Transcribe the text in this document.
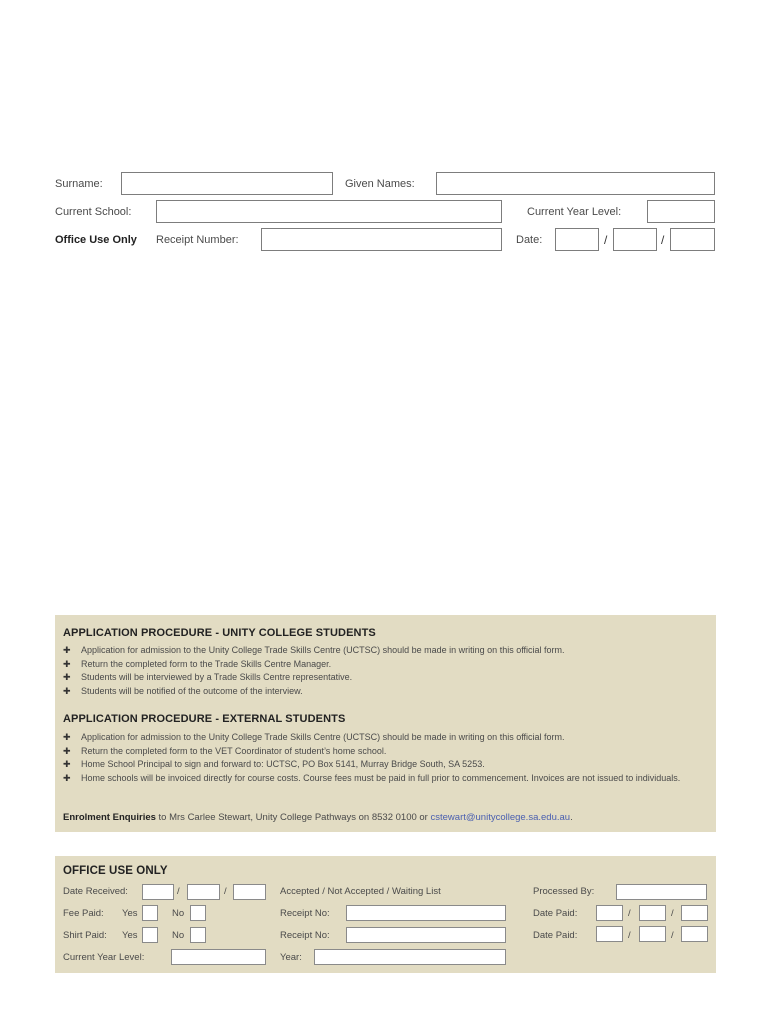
Surname:	Given Names:
Current School:	Current Year Level:
Office Use Only Receipt Number:	Date:	/	/
APPLICATION PROCEDURE - UNITY COLLEGE STUDENTS
✚ Application for admission to the Unity College Trade Skills Centre (UCTSC) should be made in writing on this official form.
✚ Return the completed form to the Trade Skills Centre Manager.
✚ Students will be interviewed by a Trade Skills Centre representative.
✚ Students will be notified of the outcome of the interview.
APPLICATION PROCEDURE - EXTERNAL STUDENTS
✚ Application for admission to the Unity College Trade Skills Centre (UCTSC) should be made in writing on this official form.
✚ Return the completed form to the VET Coordinator of student’s home school.
✚ Home School Principal to sign and forward to: UCTSC, PO Box 5141, Murray Bridge South, SA 5253.
✚ Home schools will be invoiced directly for course costs. Course fees must be paid in full prior to commencement. Invoices are not issued to individuals.
Enrolment Enquiries to Mrs Carlee Stewart, Unity College Pathways on 8532 0100 or cstewart@unitycollege.sa.edu.au.
OFFICE USE ONLY
Date Received:	/	/	Accepted / Not Accepted / Waiting List	Processed By:
Fee Paid: Yes	No	Receipt No:	Date Paid:	/	/
Shirt Paid: Yes	No	Receipt No:	Date Paid:	/	/
Current Year Level:	Year:
